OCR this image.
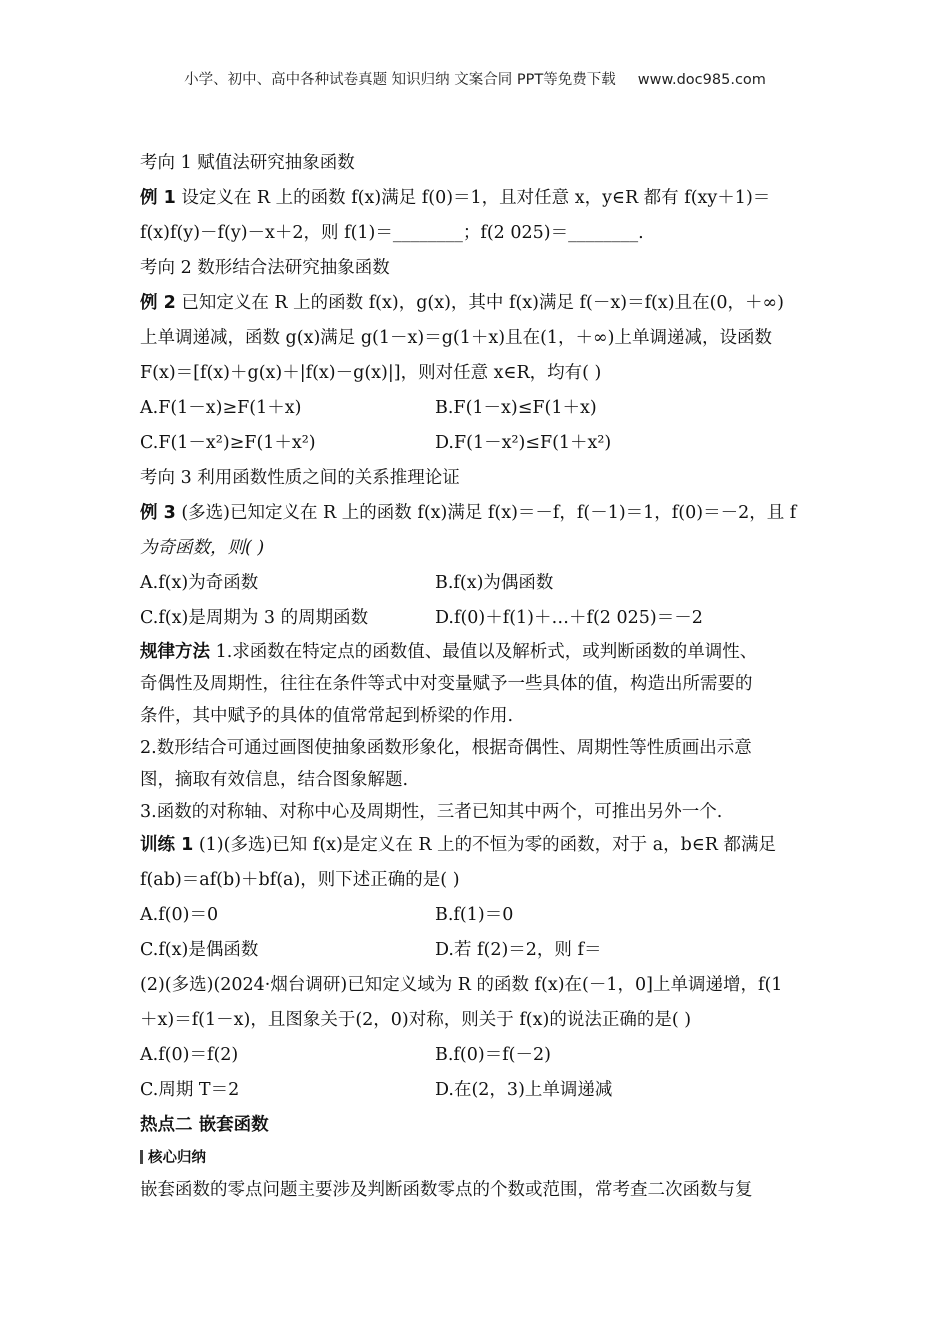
小学、初中、高中各种试卷真题 知识归纳 文案合同 PPT等免费下载 www.doc985.com
考向 1 赋值法研究抽象函数
例 1 设定义在 R 上的函数 f(x)满足 f(0)＝1，且对任意 x，y∈R 都有 f(xy＋1)＝
f(x)f(y)－f(y)－x＋2，则 f(1)＝________；f(2 025)＝________.
考向 2 数形结合法研究抽象函数
例 2 已知定义在 R 上的函数 f(x)，g(x)，其中 f(x)满足 f(－x)＝f(x)且在(0，＋∞)
上单调递减，函数 g(x)满足 g(1－x)＝g(1＋x)且在(1，＋∞)上单调递减，设函数
F(x)＝[f(x)＋g(x)＋|f(x)－g(x)|]，则对任意 x∈R，均有( )
A.F(1－x)≥F(1＋x)	B.F(1－x)≤F(1＋x)
C.F(1－x²)≥F(1＋x²)	D.F(1－x²)≤F(1＋x²)
考向 3 利用函数性质之间的关系推理论证
例 3 (多选)已知定义在 R 上的函数 f(x)满足 f(x)＝－f，f(－1)＝1，f(0)＝－2，且 f
为奇函数，则( )
A.f(x)为奇函数	B.f(x)为偶函数
C.f(x)是周期为 3 的周期函数	D.f(0)＋f(1)＋…＋f(2 025)＝－2
规律方法 1.求函数在特定点的函数值、最值以及解析式，或判断函数的单调性、
奇偶性及周期性，往往在条件等式中对变量赋予一些具体的值，构造出所需要的
条件，其中赋予的具体的值常常起到桥梁的作用.
2.数形结合可通过画图使抽象函数形象化，根据奇偶性、周期性等性质画出示意
图，摘取有效信息，结合图象解题.
3.函数的对称轴、对称中心及周期性，三者已知其中两个，可推出另外一个.
训练 1 (1)(多选)已知 f(x)是定义在 R 上的不恒为零的函数，对于 a，b∈R 都满足
f(ab)＝af(b)＋bf(a)，则下述正确的是( )
A.f(0)＝0	B.f(1)＝0
C.f(x)是偶函数	D.若 f(2)＝2，则 f＝
(2)(多选)(2024·烟台调研)已知定义域为 R 的函数 f(x)在(－1，0]上单调递增，f(1
＋x)＝f(1－x)，且图象关于(2，0)对称，则关于 f(x)的说法正确的是( )
A.f(0)＝f(2)	B.f(0)＝f(－2)
C.周期 T＝2	D.在(2，3)上单调递减
热点二 嵌套函数
核心归纳
嵌套函数的零点问题主要涉及判断函数零点的个数或范围，常考查二次函数与复
